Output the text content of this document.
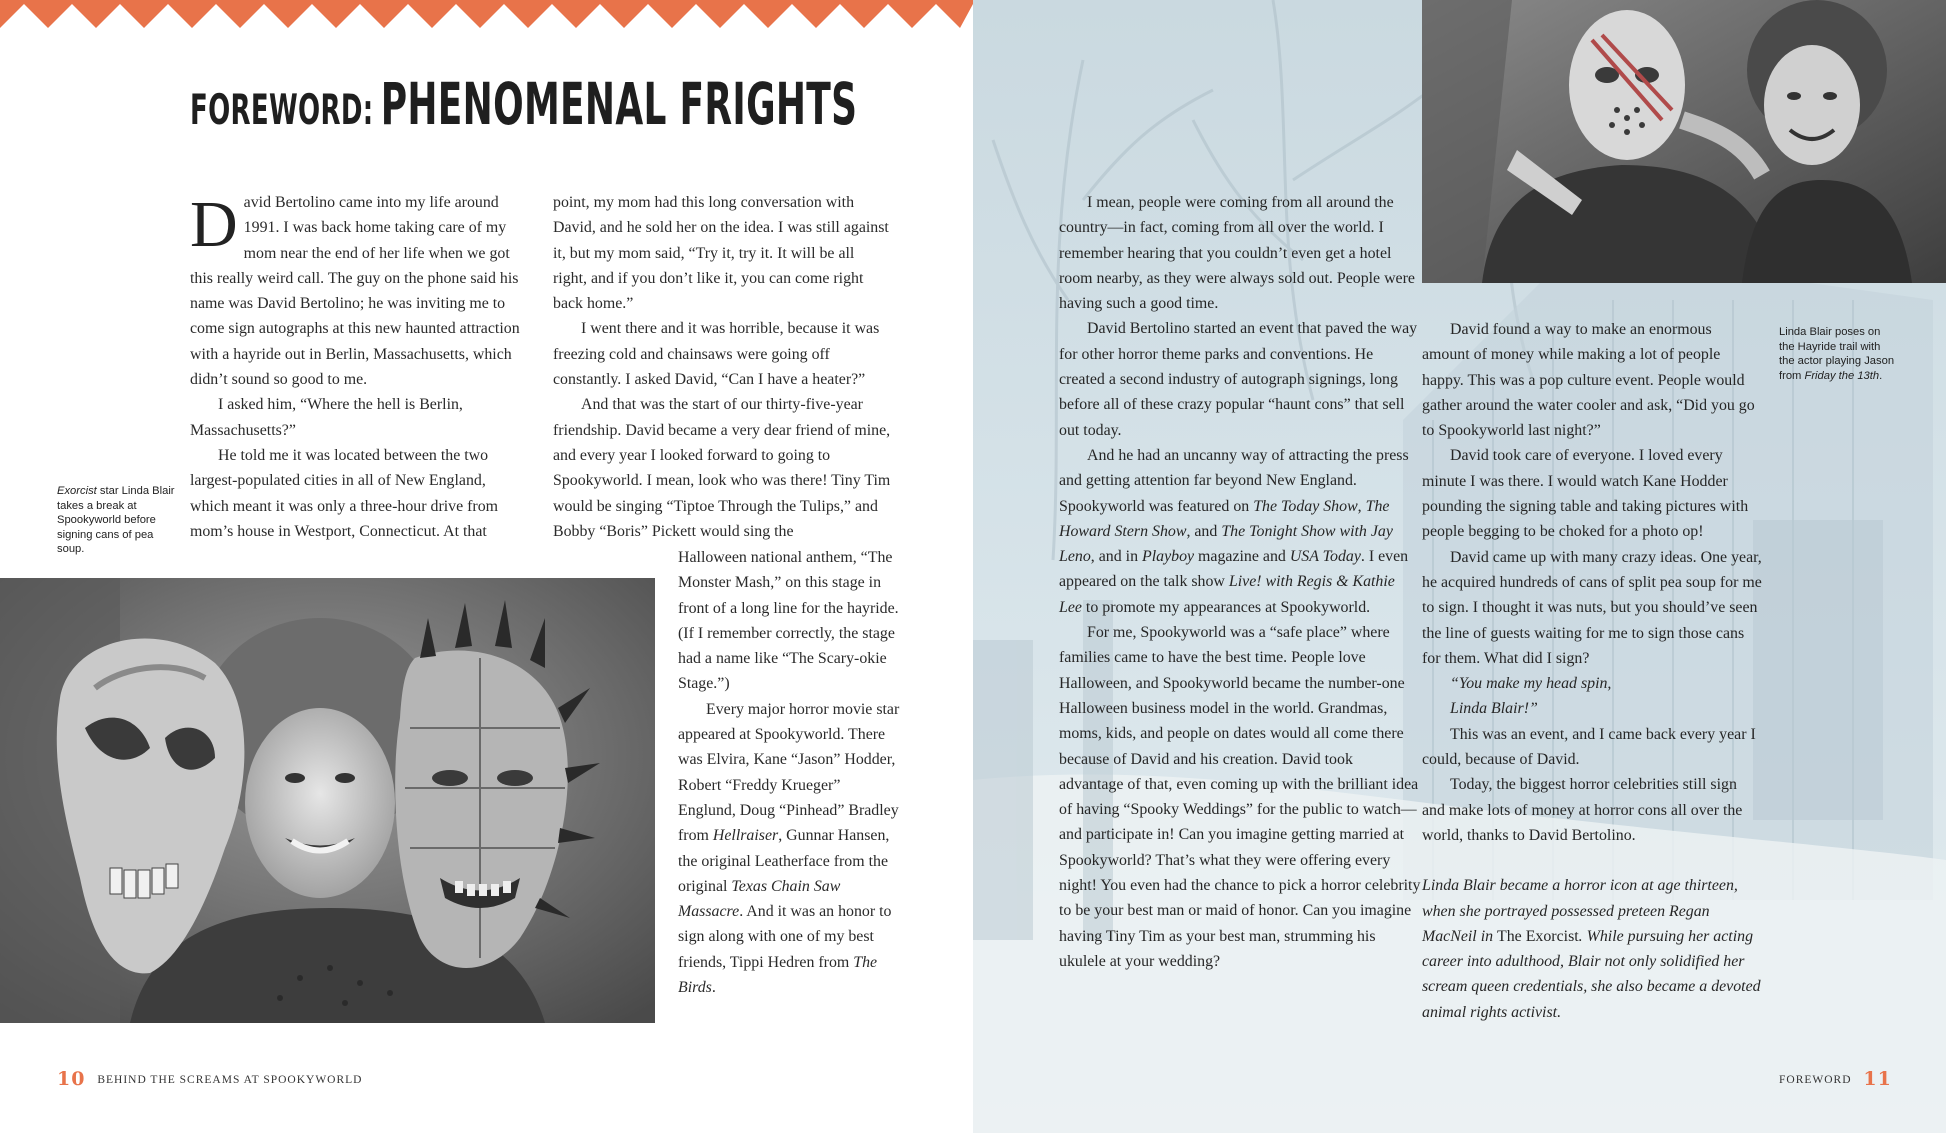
FOREWORD: PHENOMENAL FRIGHTS

David Bertolino came into my life around 1991. I was back home taking care of my mom near the end of her life when we got this really weird call. The guy on the phone said his name was David Bertolino; he was inviting me to come sign autographs at this new haunted attraction with a hayride out in Berlin, Massachusetts, which didn’t sound so good to me.

I asked him, “Where the hell is Berlin, Massachusetts?”

He told me it was located between the two largest-populated cities in all of New England, which meant it was only a three-hour drive from mom’s house in Westport, Connecticut. At that

point, my mom had this long conversation with David, and he sold her on the idea. I was still against it, but my mom said, “Try it, try it. It will be all right, and if you don’t like it, you can come right back home.”

I went there and it was horrible, because it was freezing cold and chainsaws were going off constantly. I asked David, “Can I have a heater?”

And that was the start of our thirty-five-year friendship. David became a very dear friend of mine, and every year I looked forward to going to Spookyworld. I mean, look who was there! Tiny Tim would be singing “Tiptoe Through the Tulips,” and Bobby “Boris” Pickett would sing the

Halloween national anthem, “The Monster Mash,” on this stage in front of a long line for the hayride. (If I remember correctly, the stage had a name like “The Scary-okie Stage.”)

Every major horror movie star appeared at Spookyworld. There was Elvira, Kane “Jason” Hodder, Robert “Freddy Krueger” Englund, Doug “Pinhead” Bradley from Hellraiser, Gunnar Hansen, the original Leatherface from the original Texas Chain Saw Massacre. And it was an honor to sign along with one of my best friends, Tippi Hedren from The Birds.

Exorcist star Linda Blair takes a break at Spookyworld before signing cans of pea soup.
10 BEHIND THE SCREAMS AT SPOOKYWORLD

I mean, people were coming from all around the country—in fact, coming from all over the world. I remember hearing that you couldn’t even get a hotel room nearby, as they were always sold out. People were having such a good time.

David Bertolino started an event that paved the way for other horror theme parks and conventions. He created a second industry of autograph signings, long before all of these crazy popular “haunt cons” that sell out today.

And he had an uncanny way of attracting the press and getting attention far beyond New England. Spookyworld was featured on The Today Show, The Howard Stern Show, and The Tonight Show with Jay Leno, and in Playboy magazine and USA Today. I even appeared on the talk show Live! with Regis & Kathie Lee to promote my appearances at Spookyworld.

For me, Spookyworld was a “safe place” where families came to have the best time. People love Halloween, and Spookyworld became the number-one Halloween business model in the world. Grandmas, moms, kids, and people on dates would all come there because of David and his creation. David took advantage of that, even coming up with the brilliant idea of having “Spooky Weddings” for the public to watch—and participate in! Can you imagine getting married at Spookyworld? That’s what they were offering every night! You even had the chance to pick a horror celebrity to be your best man or maid of honor. Can you imagine having Tiny Tim as your best man, strumming his ukulele at your wedding?

David found a way to make an enormous amount of money while making a lot of people happy. This was a pop culture event. People would gather around the water cooler and ask, “Did you go to Spookyworld last night?”

David took care of everyone. I loved every minute I was there. I would watch Kane Hodder pounding the signing table and taking pictures with people begging to be choked for a photo op!

David came up with many crazy ideas. One year, he acquired hundreds of cans of split pea soup for me to sign. I thought it was nuts, but you should’ve seen the line of guests waiting for me to sign those cans for them. What did I sign?

“You make my head spin,

Linda Blair!”

This was an event, and I came back every year I could, because of David.

Today, the biggest horror celebrities still sign and make lots of money at horror cons all over the world, thanks to David Bertolino.

Linda Blair became a horror icon at age thirteen, when she portrayed possessed preteen Regan MacNeil in The Exorcist. While pursuing her acting career into adulthood, Blair not only solidified her scream queen credentials, she also became a devoted animal rights activist.

Linda Blair poses on the Hayride trail with the actor playing Jason from Friday the 13th.
FOREWORD 11
